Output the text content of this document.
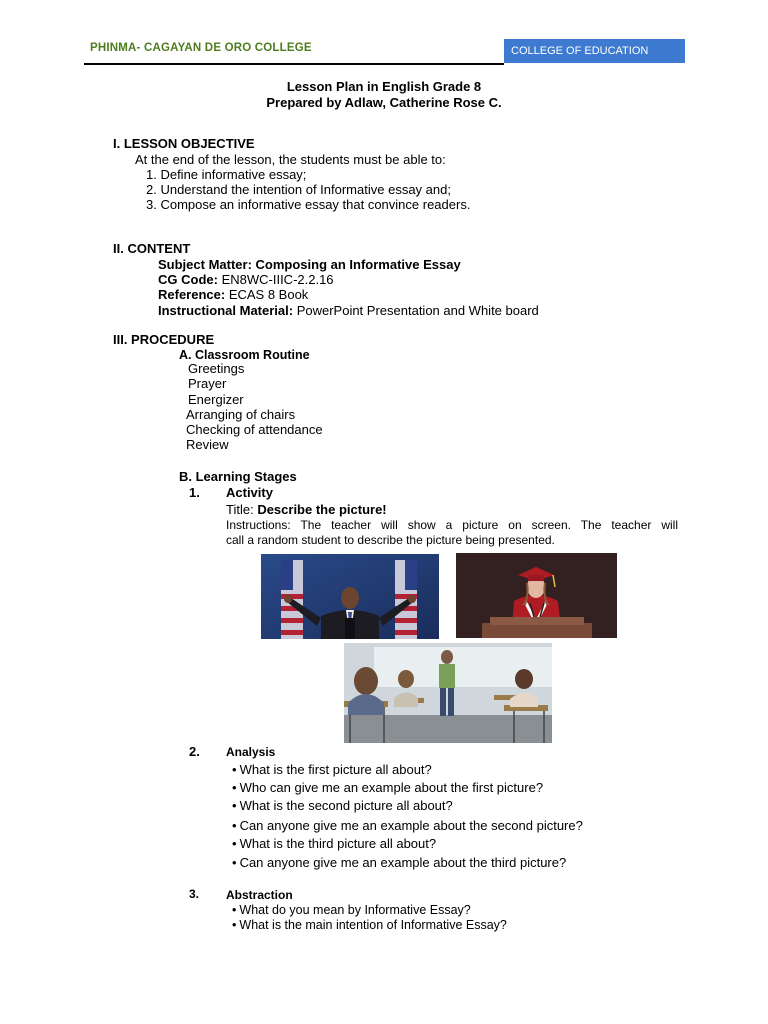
PHINMA- CAGAYAN DE ORO COLLEGE	COLLEGE OF EDUCATION
Lesson Plan in English Grade 8
Prepared by Adlaw, Catherine Rose C.
I. LESSON OBJECTIVE
At the end of the lesson, the students must be able to:
1. Define informative essay;
2. Understand the intention of Informative essay and;
3. Compose an informative essay that convince readers.
II. CONTENT
Subject Matter: Composing an Informative Essay
CG Code: EN8WC-IIIC-2.2.16
Reference: ECAS 8 Book
Instructional Material: PowerPoint Presentation and White board
III. PROCEDURE
A. Classroom Routine
Greetings
Prayer
Energizer
Arranging of chairs
Checking of attendance
Review
B. Learning Stages
1. Activity
Title: Describe the picture!
Instructions: The teacher will show a picture on screen. The teacher will
call a random student to describe the picture being presented.
2. Analysis
• What is the first picture all about?
• Who can give me an example about the first picture?
• What is the second picture all about?
• Can anyone give me an example about the second picture?
• What is the third picture all about?
• Can anyone give me an example about the third picture?
3. Abstraction
• What do you mean by Informative Essay?
• What is the main intention of Informative Essay?
